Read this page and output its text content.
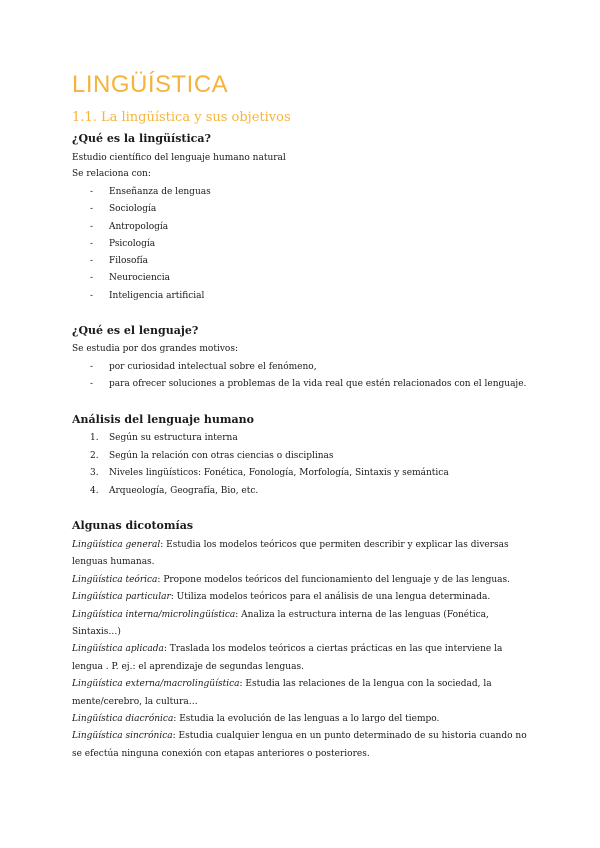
LINGÜÍSTICA
1.1. La lingüística y sus objetivos
¿Qué es la lingüística?

Estudio científico del lenguaje humano natural

Se relaciona con:

- Enseñanza de lenguas
- Sociología
- Antropología
- Psicología
- Filosofía
- Neurociencia
- Inteligencia artificial
¿Qué es el lenguaje?

Se estudia por dos grandes motivos:

- por curiosidad intelectual sobre el fenómeno,
- para ofrecer soluciones a problemas de la vida real que estén relacionados con el lenguaje.
Análisis del lenguaje humano
1. Según su estructura interna
2. Según la relación con otras ciencias o disciplinas
3. Niveles lingüísticos: Fonética, Fonología, Morfología, Sintaxis y semántica
4. Arqueología, Geografía, Bio, etc.
Algunas dicotomías
Lingüística general: Estudia los modelos teóricos que permiten describir y explicar las diversas lenguas humanas.
Lingüística teórica: Propone modelos teóricos del funcionamiento del lenguaje y de las lenguas.
Lingüística particular: Utiliza modelos teóricos para el análisis de una lengua determinada.
Lingüística interna/microlingüística: Analiza la estructura interna de las lenguas (Fonética, Sintaxis…)
Lingüística aplicada: Traslada los modelos teóricos a ciertas prácticas en las que interviene la lengua . P. ej.: el aprendizaje de segundas lenguas.
Lingüística externa/macrolingüística: Estudia las relaciones de la lengua con la sociedad, la mente/cerebro, la cultura…
Lingüística diacrónica: Estudia la evolución de las lenguas a lo largo del tiempo.
Lingüística sincrónica: Estudia cualquier lengua en un punto determinado de su historia cuando no se efectúa ninguna conexión con etapas anteriores o posteriores.
